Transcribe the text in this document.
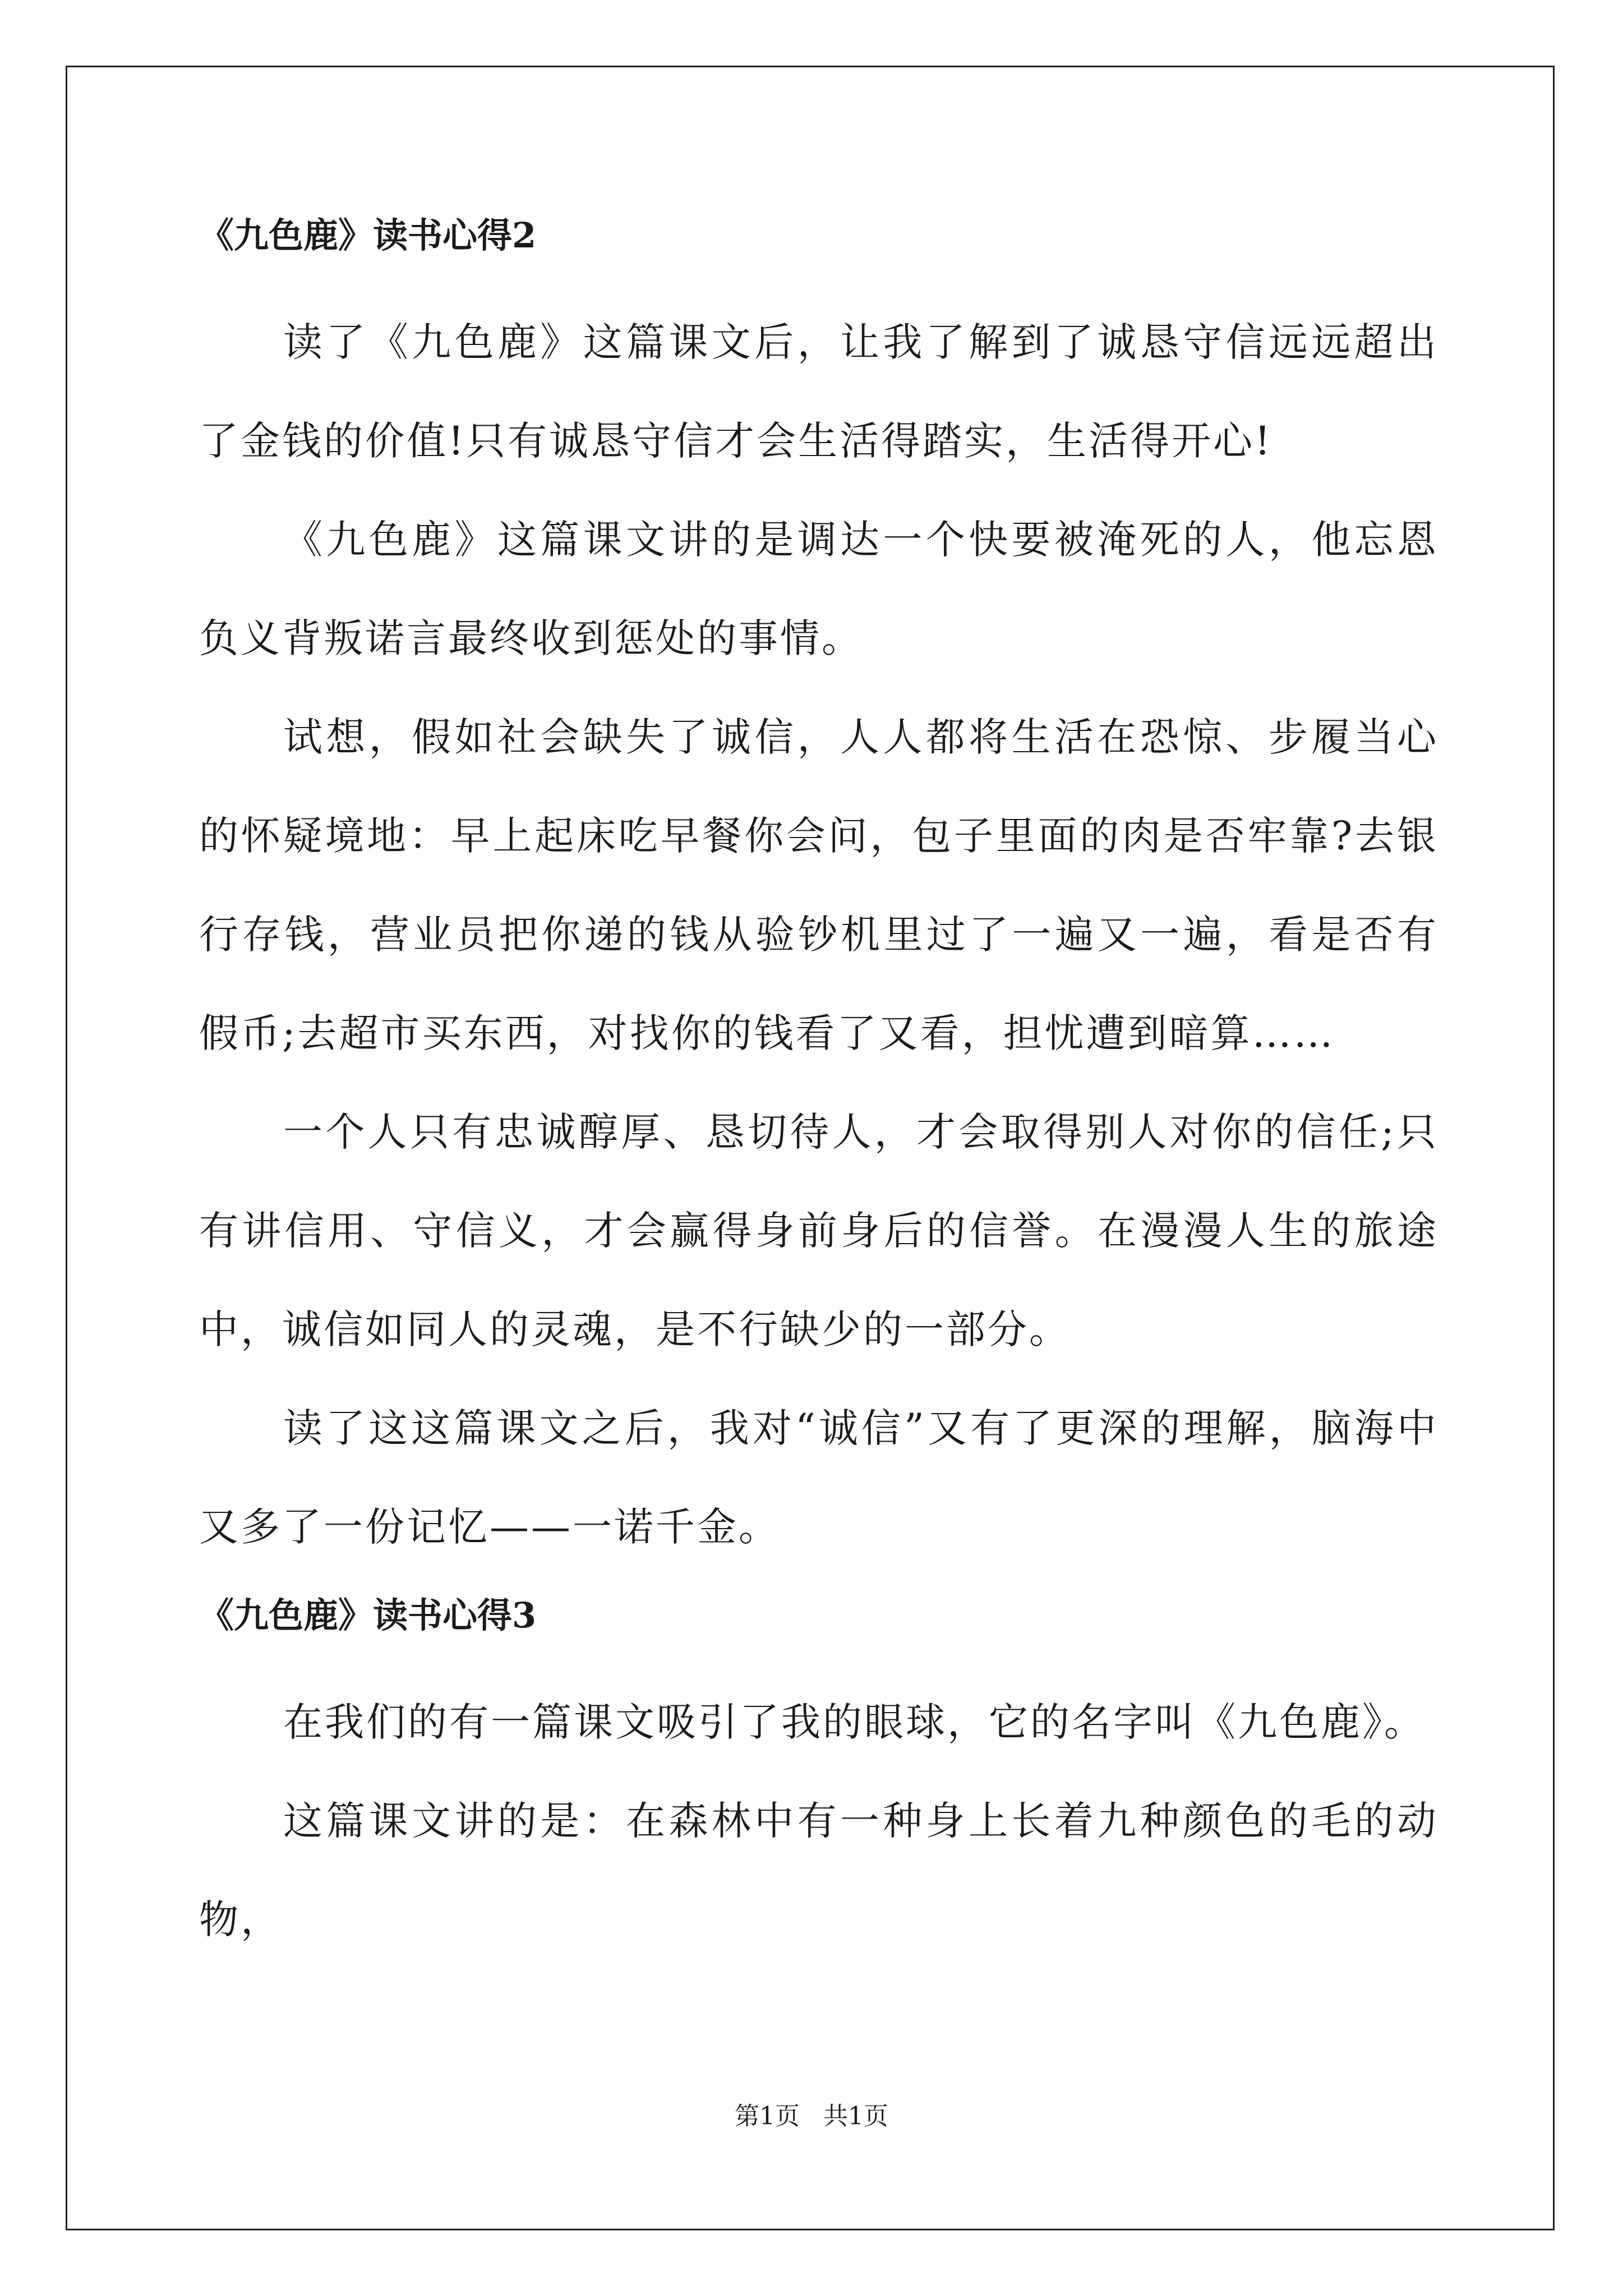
《九色鹿》读书心得2

读了《九色鹿》这篇课文后，让我了解到了诚恳守信远远超出了金钱的价值!只有诚恳守信才会生活得踏实，生活得开心!

《九色鹿》这篇课文讲的是调达一个快要被淹死的人，他忘恩负义背叛诺言最终收到惩处的事情。

试想，假如社会缺失了诚信，人人都将生活在恐惊、步履当心的怀疑境地：早上起床吃早餐你会问，包子里面的肉是否牢靠?去银行存钱，营业员把你递的钱从验钞机里过了一遍又一遍，看是否有假币;去超市买东西，对找你的钱看了又看，担忧遭到暗算……

一个人只有忠诚醇厚、恳切待人，才会取得别人对你的信任;只有讲信用、守信义，才会赢得身前身后的信誉。在漫漫人生的旅途中，诚信如同人的灵魂，是不行缺少的一部分。

读了这这篇课文之后，我对“诚信”又有了更深的理解，脑海中又多了一份记忆——一诺千金。

《九色鹿》读书心得3

在我们的有一篇课文吸引了我的眼球，它的名字叫《九色鹿》。

这篇课文讲的是：在森林中有一种身上长着九种颜色的毛的动物，

第1页   共1页
